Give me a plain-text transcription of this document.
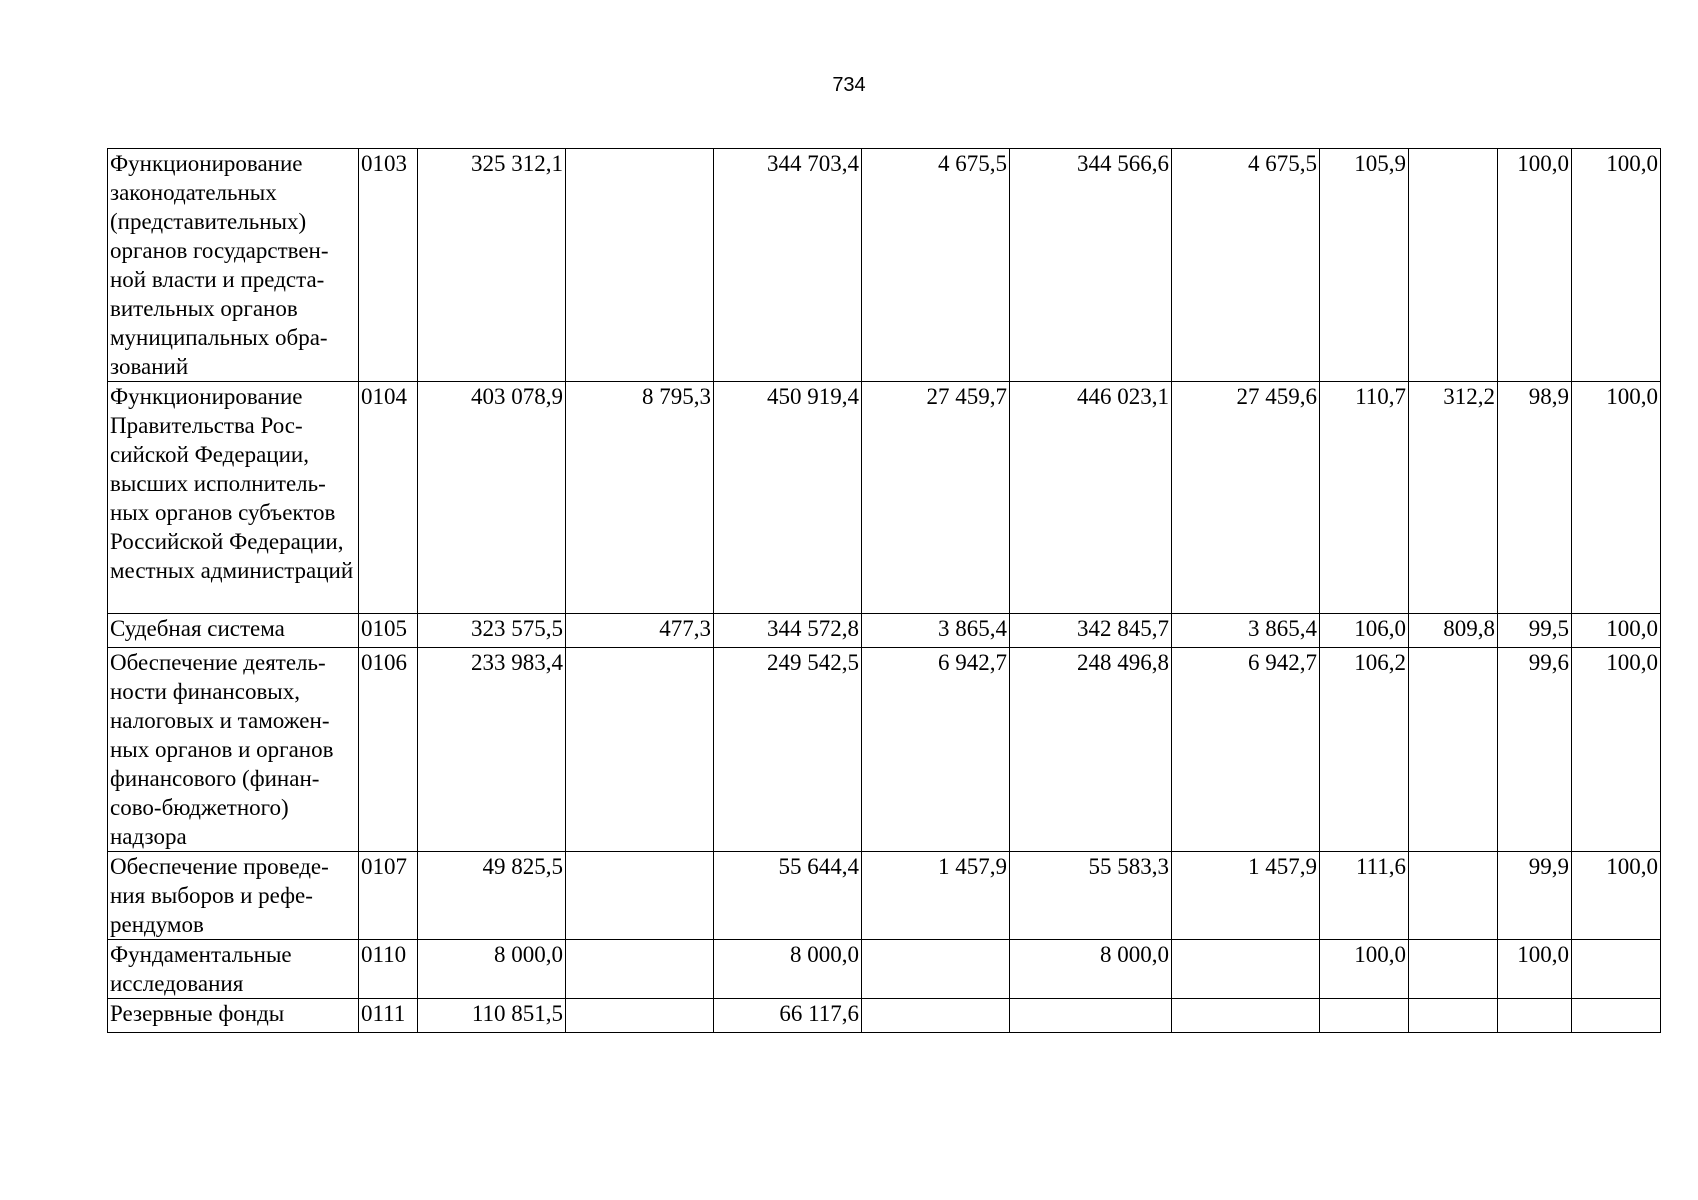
734
Функционирование законодательных (представительных) органов государственной власти и представительных органов муниципальных образований	0103	325 312,1		344 703,4	4 675,5	344 566,6	4 675,5	105,9		100,0	100,0
Функционирование Правительства Российской Федерации, высших исполнительных органов субъектов Российской Федерации, местных администраций	0104	403 078,9	8 795,3	450 919,4	27 459,7	446 023,1	27 459,6	110,7	312,2	98,9	100,0
Судебная система	0105	323 575,5	477,3	344 572,8	3 865,4	342 845,7	3 865,4	106,0	809,8	99,5	100,0
Обеспечение деятельности финансовых, налоговых и таможенных органов и органов финансового (финансово-бюджетного) надзора	0106	233 983,4		249 542,5	6 942,7	248 496,8	6 942,7	106,2		99,6	100,0
Обеспечение проведения выборов и референдумов	0107	49 825,5		55 644,4	1 457,9	55 583,3	1 457,9	111,6		99,9	100,0
Фундаментальные исследования	0110	8 000,0		8 000,0		8 000,0		100,0		100,0	
Резервные фонды	0111	110 851,5		66 117,6							
